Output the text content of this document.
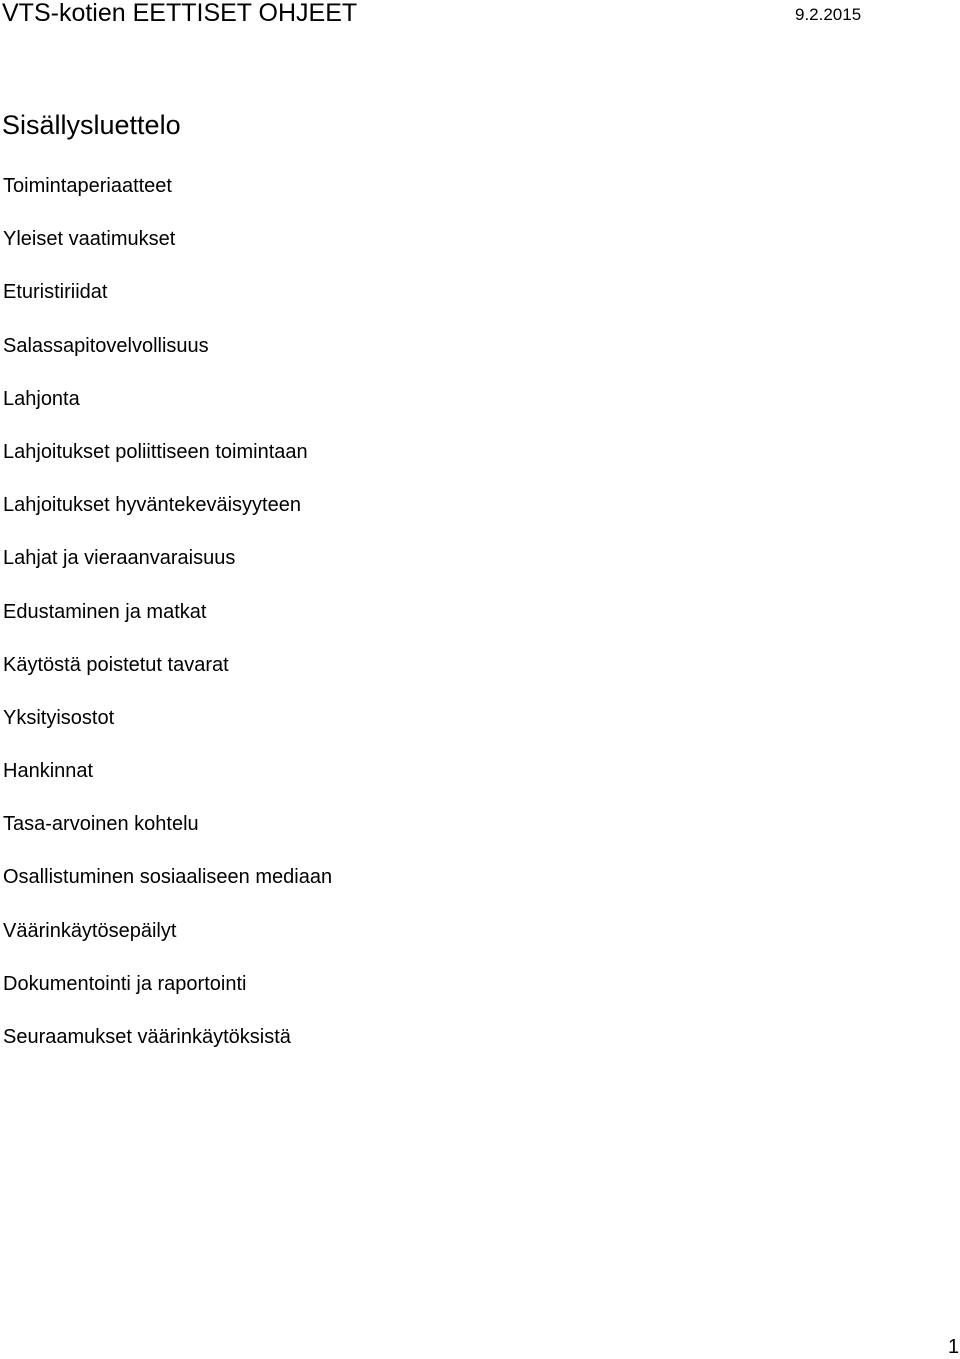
VTS-kotien EETTISET OHJEET	9.2.2015
Sisällysluettelo
Toimintaperiaatteet
Yleiset vaatimukset
Eturistiriidat
Salassapitovelvollisuus
Lahjonta
Lahjoitukset poliittiseen toimintaan
Lahjoitukset hyväntekeväisyyteen
Lahjat ja vieraanvaraisuus
Edustaminen ja matkat
Käytöstä poistetut tavarat
Yksityisostot
Hankinnat
Tasa-arvoinen kohtelu
Osallistuminen sosiaaliseen mediaan
Väärinkäytösepäilyt
Dokumentointi ja raportointi
Seuraamukset väärinkäytöksistä
1
